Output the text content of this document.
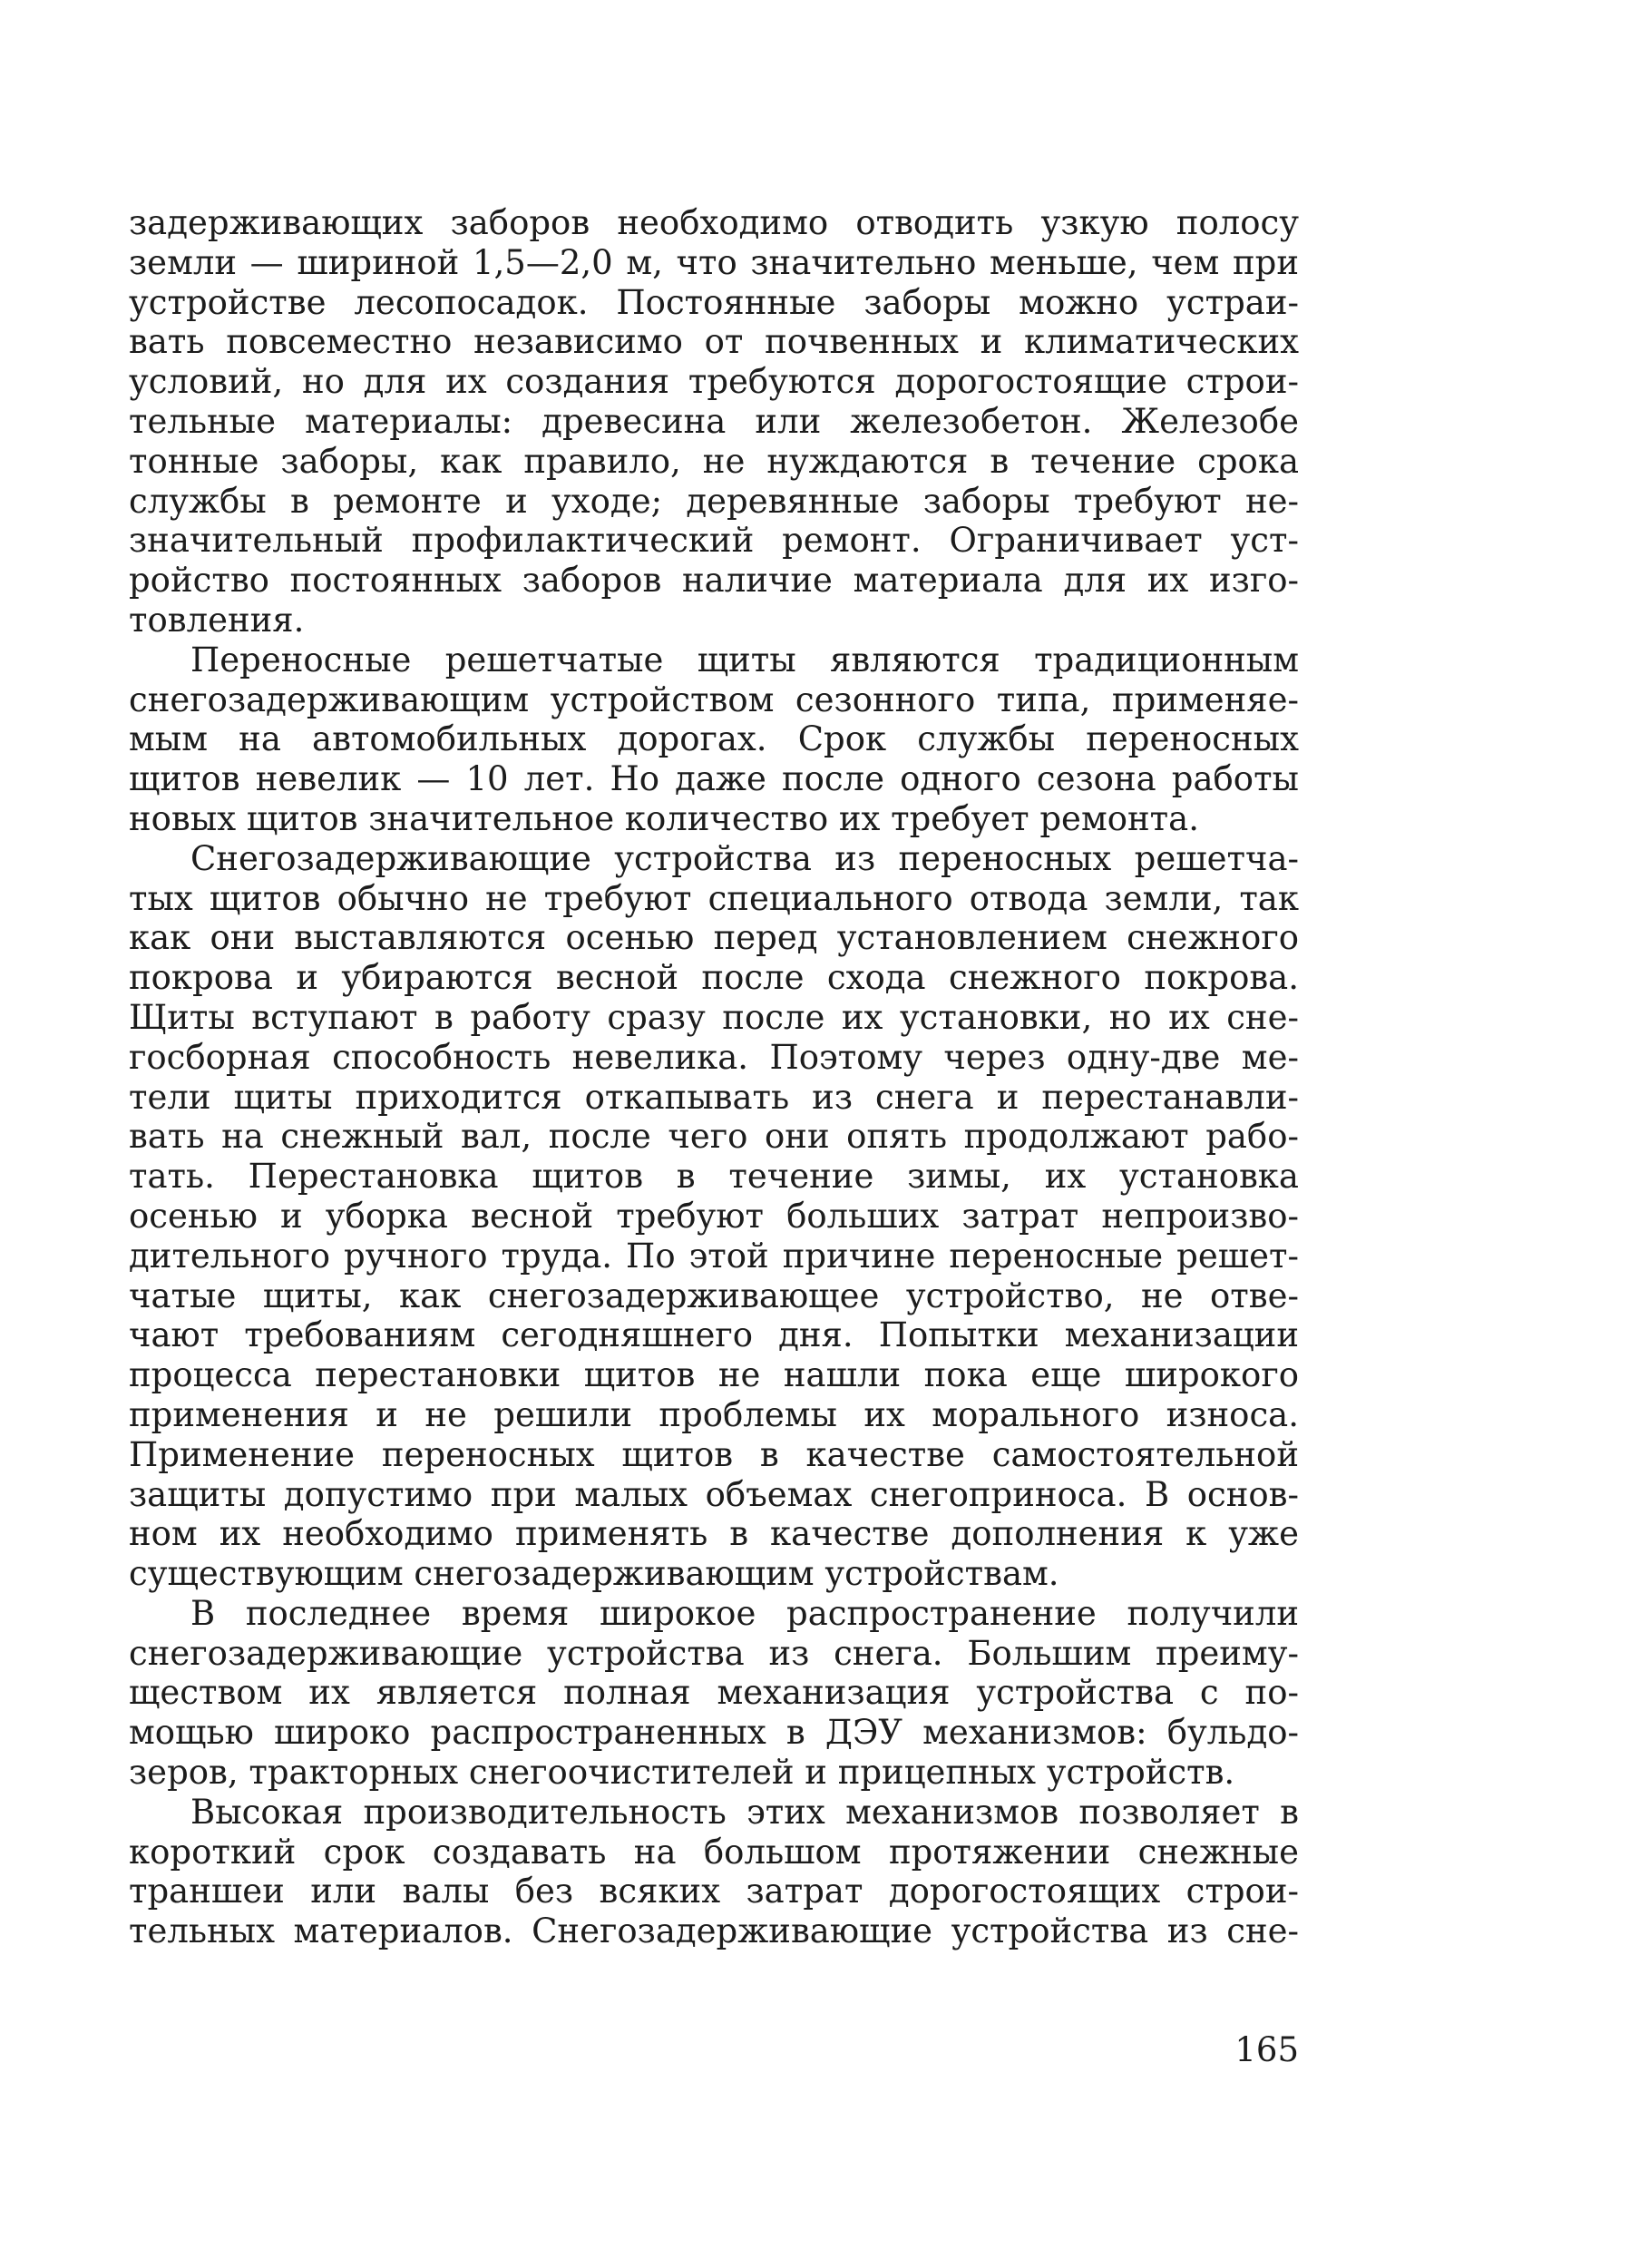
задерживающих заборов необходимо отводить узкую полосу
земли — шириной 1,5—2,0 м, что значительно меньше, чем при
устройстве лесопосадок. Постоянные заборы можно устраи-
вать повсеместно независимо от почвенных и климатических
условий, но для их создания требуются дорогостоящие строи-
тельные материалы: древесина или железобетон. Железобе
тонные заборы, как правило, не нуждаются в течение срока
службы в ремонте и уходе; деревянные заборы требуют не-
значительный профилактический ремонт. Ограничивает уст-
ройство постоянных заборов наличие материала для их изго-
товления.
Переносные решетчатые щиты являются традиционным
снегозадерживающим устройством сезонного типа, применяе-
мым на автомобильных дорогах. Срок службы переносных
щитов невелик — 10 лет. Но даже после одного сезона работы
новых щитов значительное количество их требует ремонта.
Снегозадерживающие устройства из переносных решетча-
тых щитов обычно не требуют специального отвода земли, так
как они выставляются осенью перед установлением снежного
покрова и убираются весной после схода снежного покрова.
Щиты вступают в работу сразу после их установки, но их сне-
госборная способность невелика. Поэтому через одну-две ме-
тели щиты приходится откапывать из снега и перестанавли-
вать на снежный вал, после чего они опять продолжают рабо-
тать. Перестановка щитов в течение зимы, их установка
осенью и уборка весной требуют больших затрат непроизво-
дительного ручного труда. По этой причине переносные решет-
чатые щиты, как снегозадерживающее устройство, не отве-
чают требованиям сегодняшнего дня. Попытки механизации
процесса перестановки щитов не нашли пока еще широкого
применения и не решили проблемы их морального износа.
Применение переносных щитов в качестве самостоятельной
защиты допустимо при малых объемах снегоприноса. В основ-
ном их необходимо применять в качестве дополнения к уже
существующим снегозадерживающим устройствам.
В последнее время широкое распространение получили
снегозадерживающие устройства из снега. Большим преиму-
ществом их является полная механизация устройства с по-
мощью широко распространенных в ДЭУ механизмов: бульдо-
зеров, тракторных снегоочистителей и прицепных устройств.
Высокая производительность этих механизмов позволяет в
короткий срок создавать на большом протяжении снежные
траншеи или валы без всяких затрат дорогостоящих строи-
тельных материалов. Снегозадерживающие устройства из сне-
165
